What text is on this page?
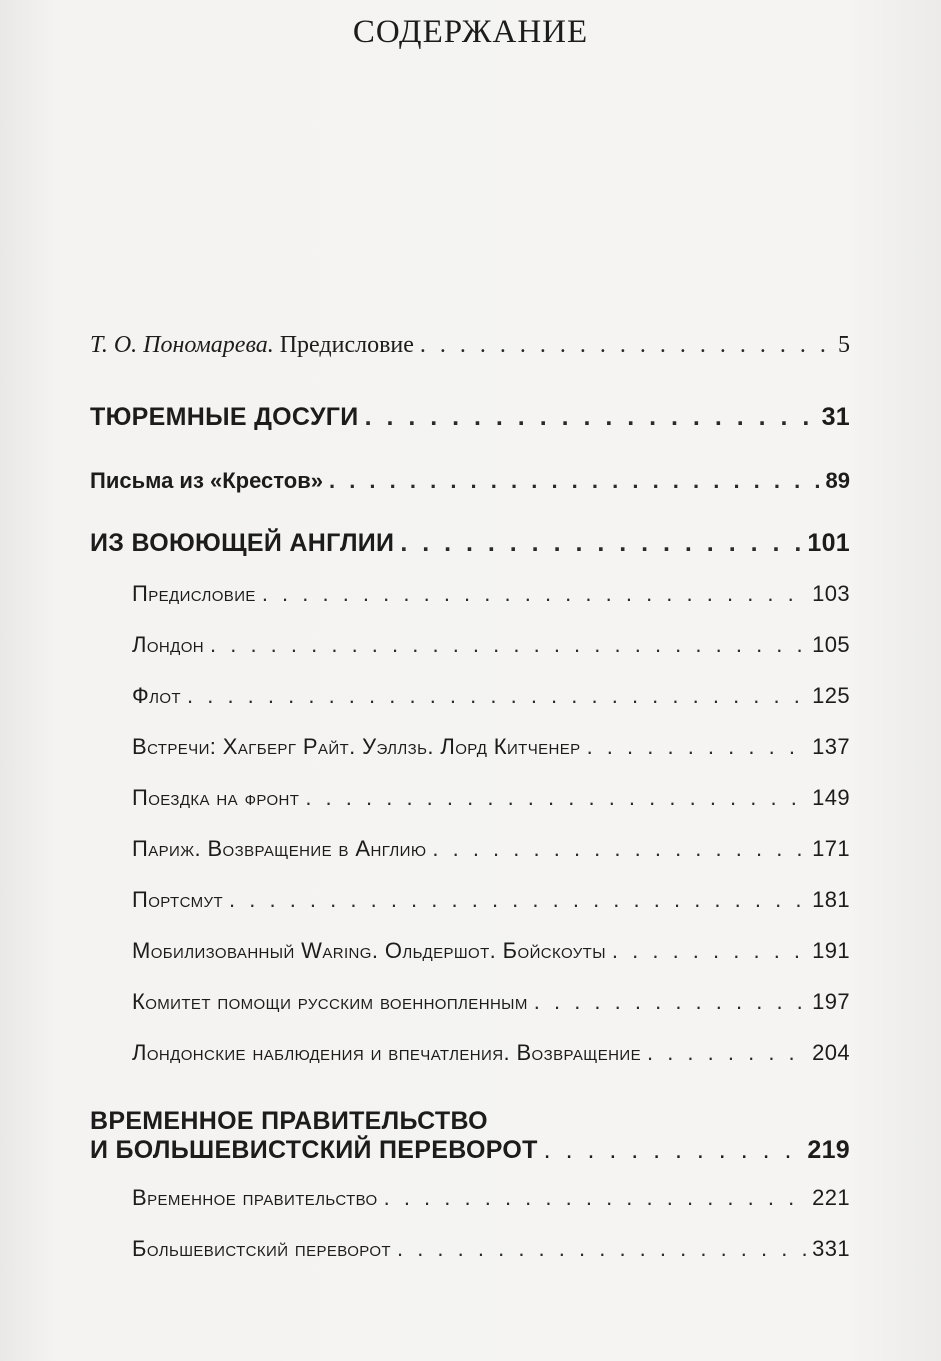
СОДЕРЖАНИЕ
Т. О. Пономарева. Предисловие . . .	5
ТЮРЕМНЫЕ ДОСУГИ . . .	31
Письма из «Крестов» . . .	89
ИЗ ВОЮЮЩЕЙ АНГЛИИ . . .	101
Предисловие . . .	103
Лондон . . .	105
Флот . . .	125
Встречи: Хагберг Райт. Уэллзь. Лорд Китченер . . .	137
Поездка на фронт . . .	149
Париж. Возвращение в Англию . . .	171
Портсмут . . .	181
Мобилизованный Waring. Ольдершот. Бойскоуты . . .	191
Комитет помощи русским военнопленным . . .	197
Лондонские наблюдения и впечатления. Возвращение . . .	204
ВРЕМЕННОЕ ПРАВИТЕЛЬСТВО
И БОЛЬШЕВИСТСКИЙ ПЕРЕВОРОТ . . .	219
Временное правительство . . .	221
Большевистский переворот . . .	331
